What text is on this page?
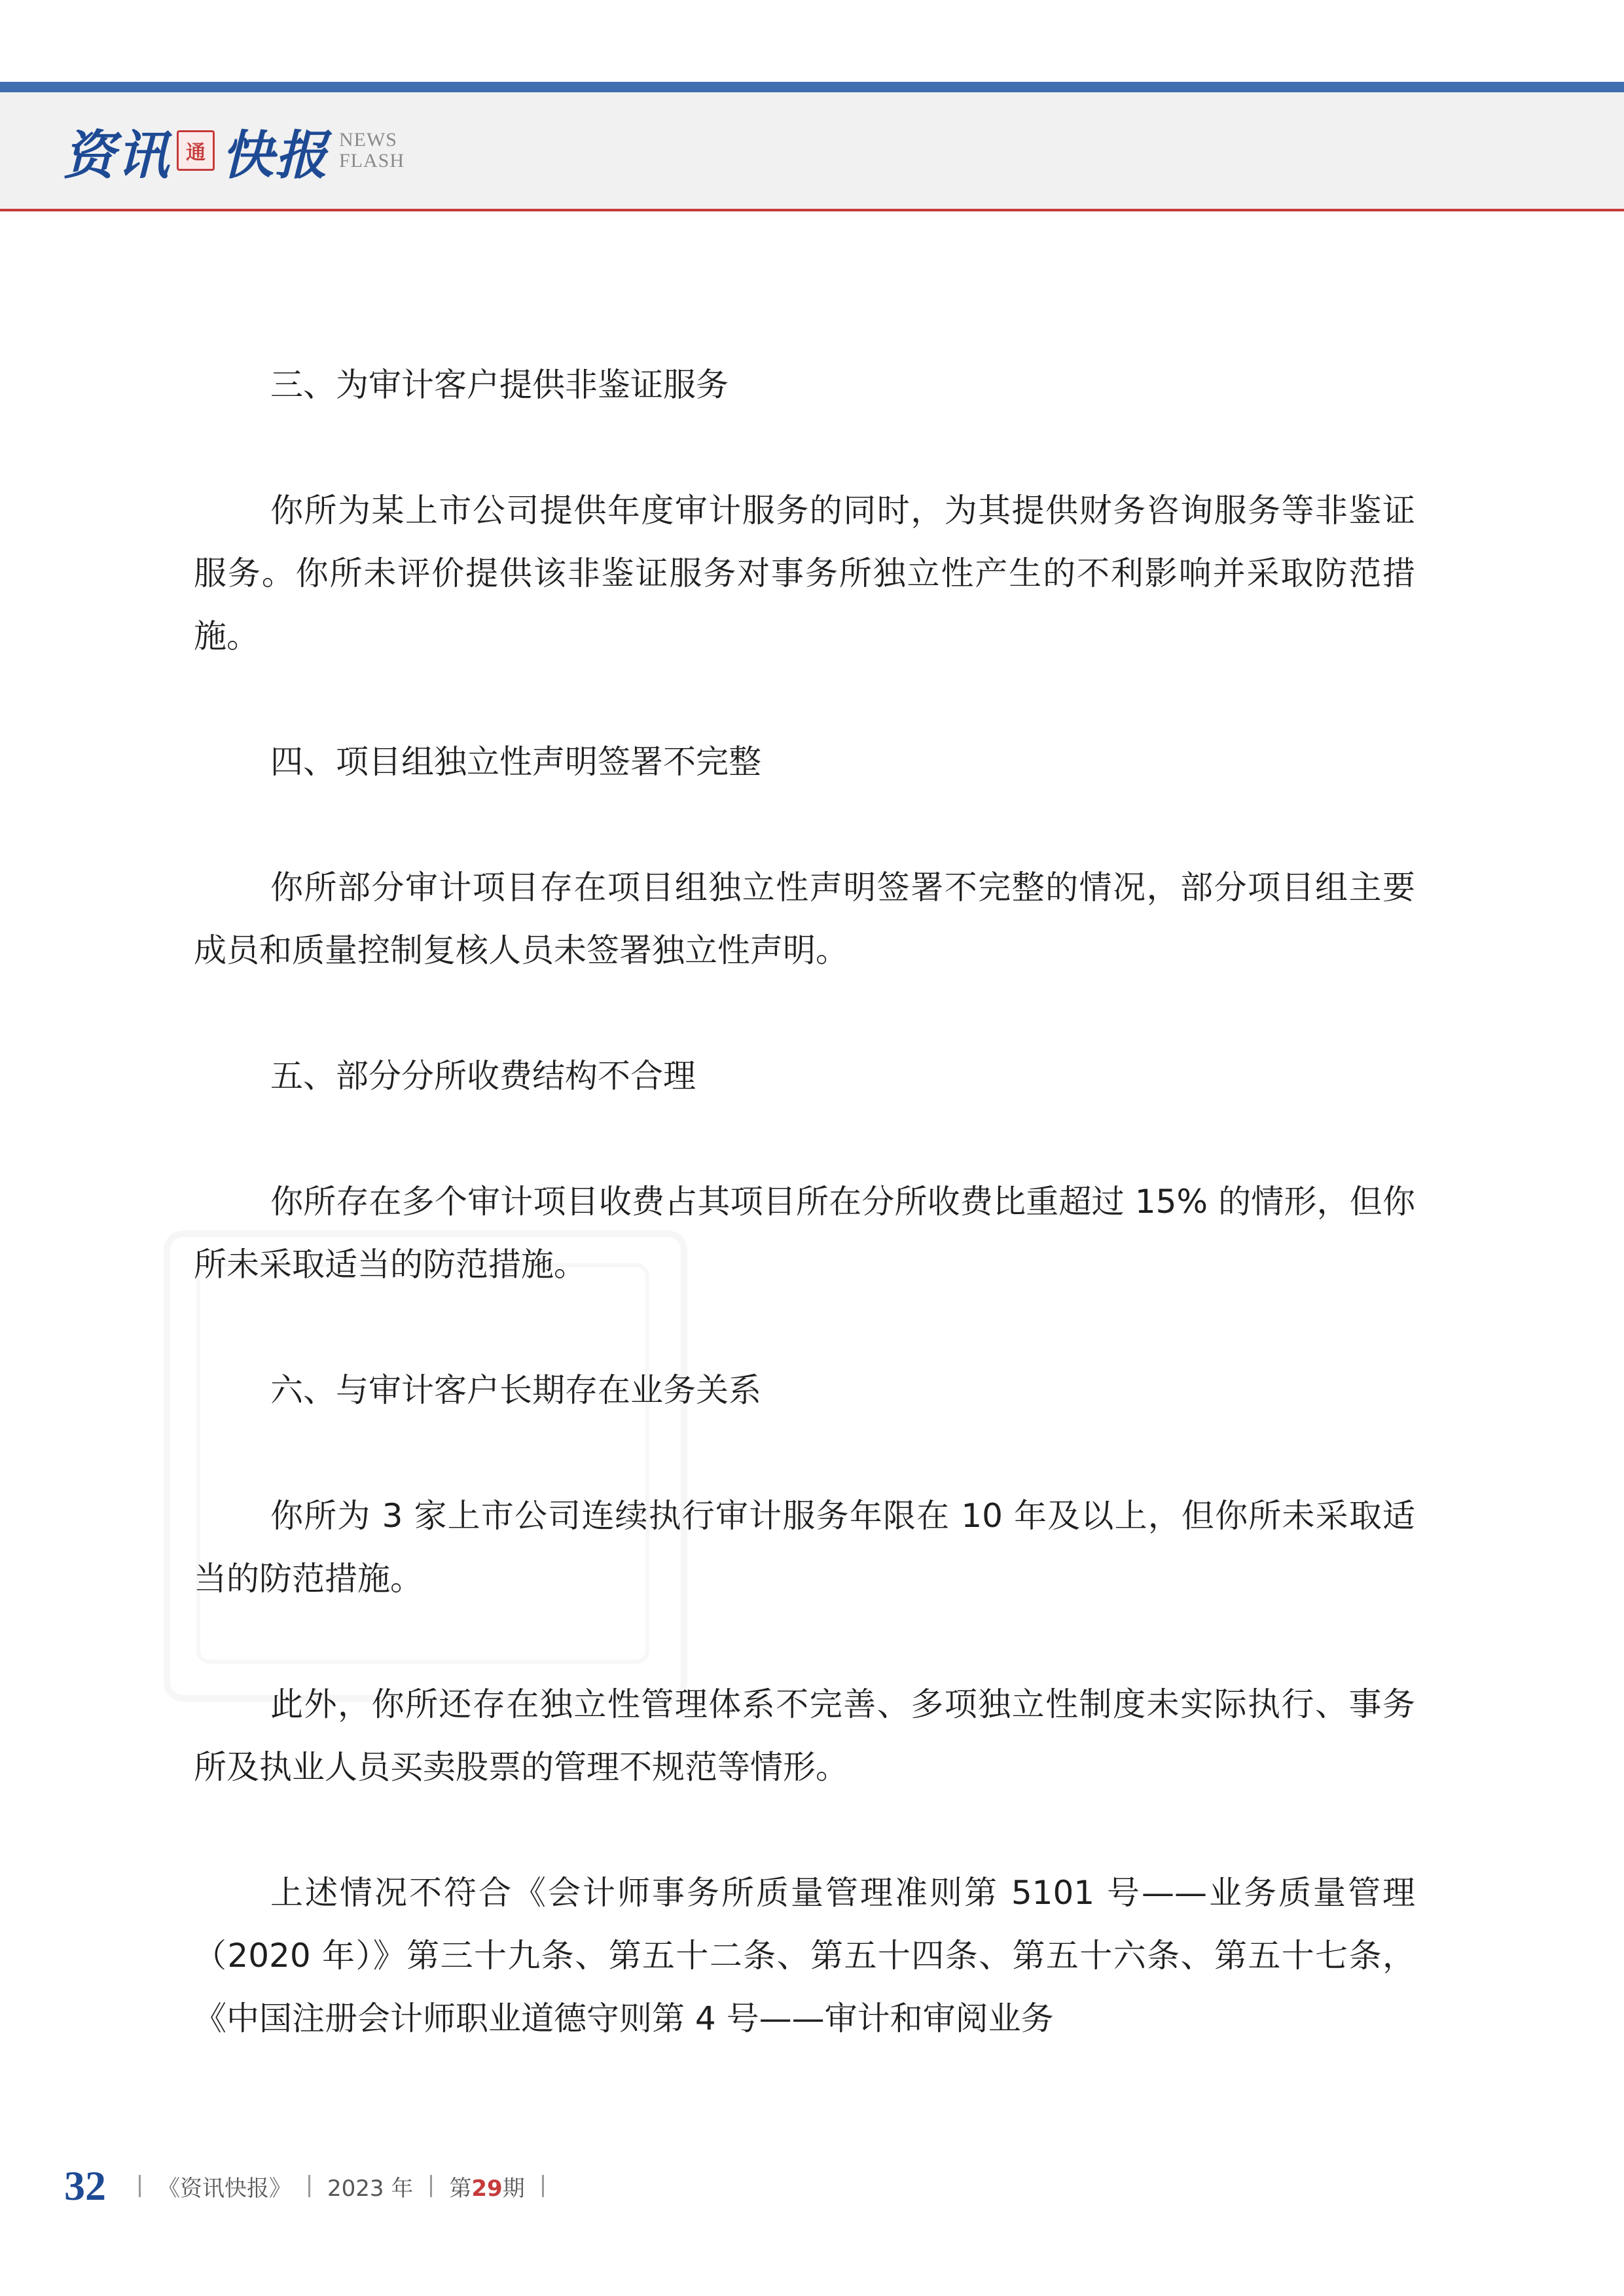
资讯 通 快报 NEWS
FLASH

三、为审计客户提供非鉴证服务

你所为某上市公司提供年度审计服务的同时，为其提供财务咨询服务等非鉴证服务。你所未评价提供该非鉴证服务对事务所独立性产生的不利影响并采取防范措施。

四、项目组独立性声明签署不完整

你所部分审计项目存在项目组独立性声明签署不完整的情况，部分项目组主要成员和质量控制复核人员未签署独立性声明。

五、部分分所收费结构不合理

你所存在多个审计项目收费占其项目所在分所收费比重超过 15% 的情形，但你所未采取适当的防范措施。

六、与审计客户长期存在业务关系

你所为 3 家上市公司连续执行审计服务年限在 10 年及以上，但你所未采取适当的防范措施。

此外，你所还存在独立性管理体系不完善、多项独立性制度未实际执行、事务所及执业人员买卖股票的管理不规范等情形。

上述情况不符合《会计师事务所质量管理准则第 5101 号——业务质量管理（2020 年）》第三十九条、第五十二条、第五十四条、第五十六条、第五十七条，《中国注册会计师职业道德守则第 4 号——审计和审阅业务

32 《资讯快报》 2023 年 第29期
